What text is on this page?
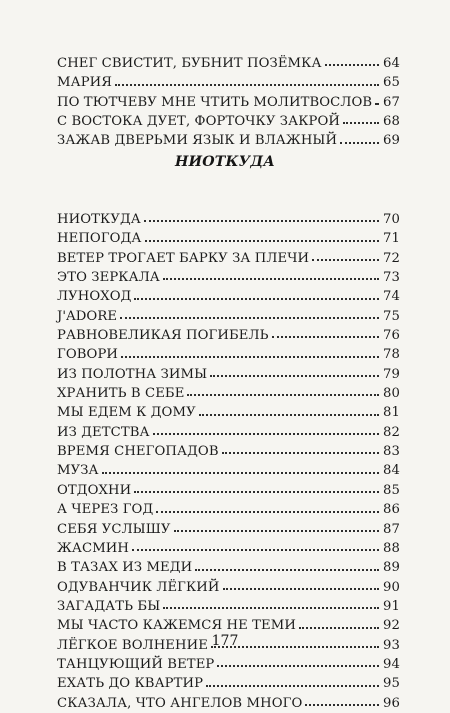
СНЕГ СВИСТИТ, БУБНИТ ПОЗЁМКА	64
МАРИЯ	65
ПО ТЮТЧЕВУ МНЕ ЧТИТЬ МОЛИТВОСЛОВ 67
С ВОСТОКА ДУЕТ, ФОРТОЧКУ ЗАКРОЙ	68
ЗАЖАВ ДВЕРЬМИ ЯЗЫК И ВЛАЖНЫЙ	69
НИОТКУДА
НИОТКУДА	70
НЕПОГОДА	71
ВЕТЕР ТРОГАЕТ БАРКУ ЗА ПЛЕЧИ	72
ЭТО ЗЕРКАЛА	73
ЛУНОХОД	74
J'ADORE	75
РАВНОВЕЛИКАЯ ПОГИБЕЛЬ	76
ГОВОРИ	78
ИЗ ПОЛОТНА ЗИМЫ	79
ХРАНИТЬ В СЕБЕ	80
МЫ ЕДЕМ К ДОМУ	81
ИЗ ДЕТСТВА	82
ВРЕМЯ СНЕГОПАДОВ	83
МУЗА	84
ОТДОХНИ	85
А ЧЕРЕЗ ГОД	86
СЕБЯ УСЛЫШУ	87
ЖАСМИН	88
В ТАЗАХ ИЗ МЕДИ	89
ОДУВАНЧИК ЛЁГКИЙ	90
ЗАГАДАТЬ БЫ	91
МЫ ЧАСТО КАЖЕМСЯ НЕ ТЕМИ	92
ЛЁГКОЕ ВОЛНЕНИЕ	93
ТАНЦУЮЩИЙ ВЕТЕР	94
ЕХАТЬ ДО КВАРТИР	95
СКАЗАЛА, ЧТО АНГЕЛОВ МНОГО	96
177
